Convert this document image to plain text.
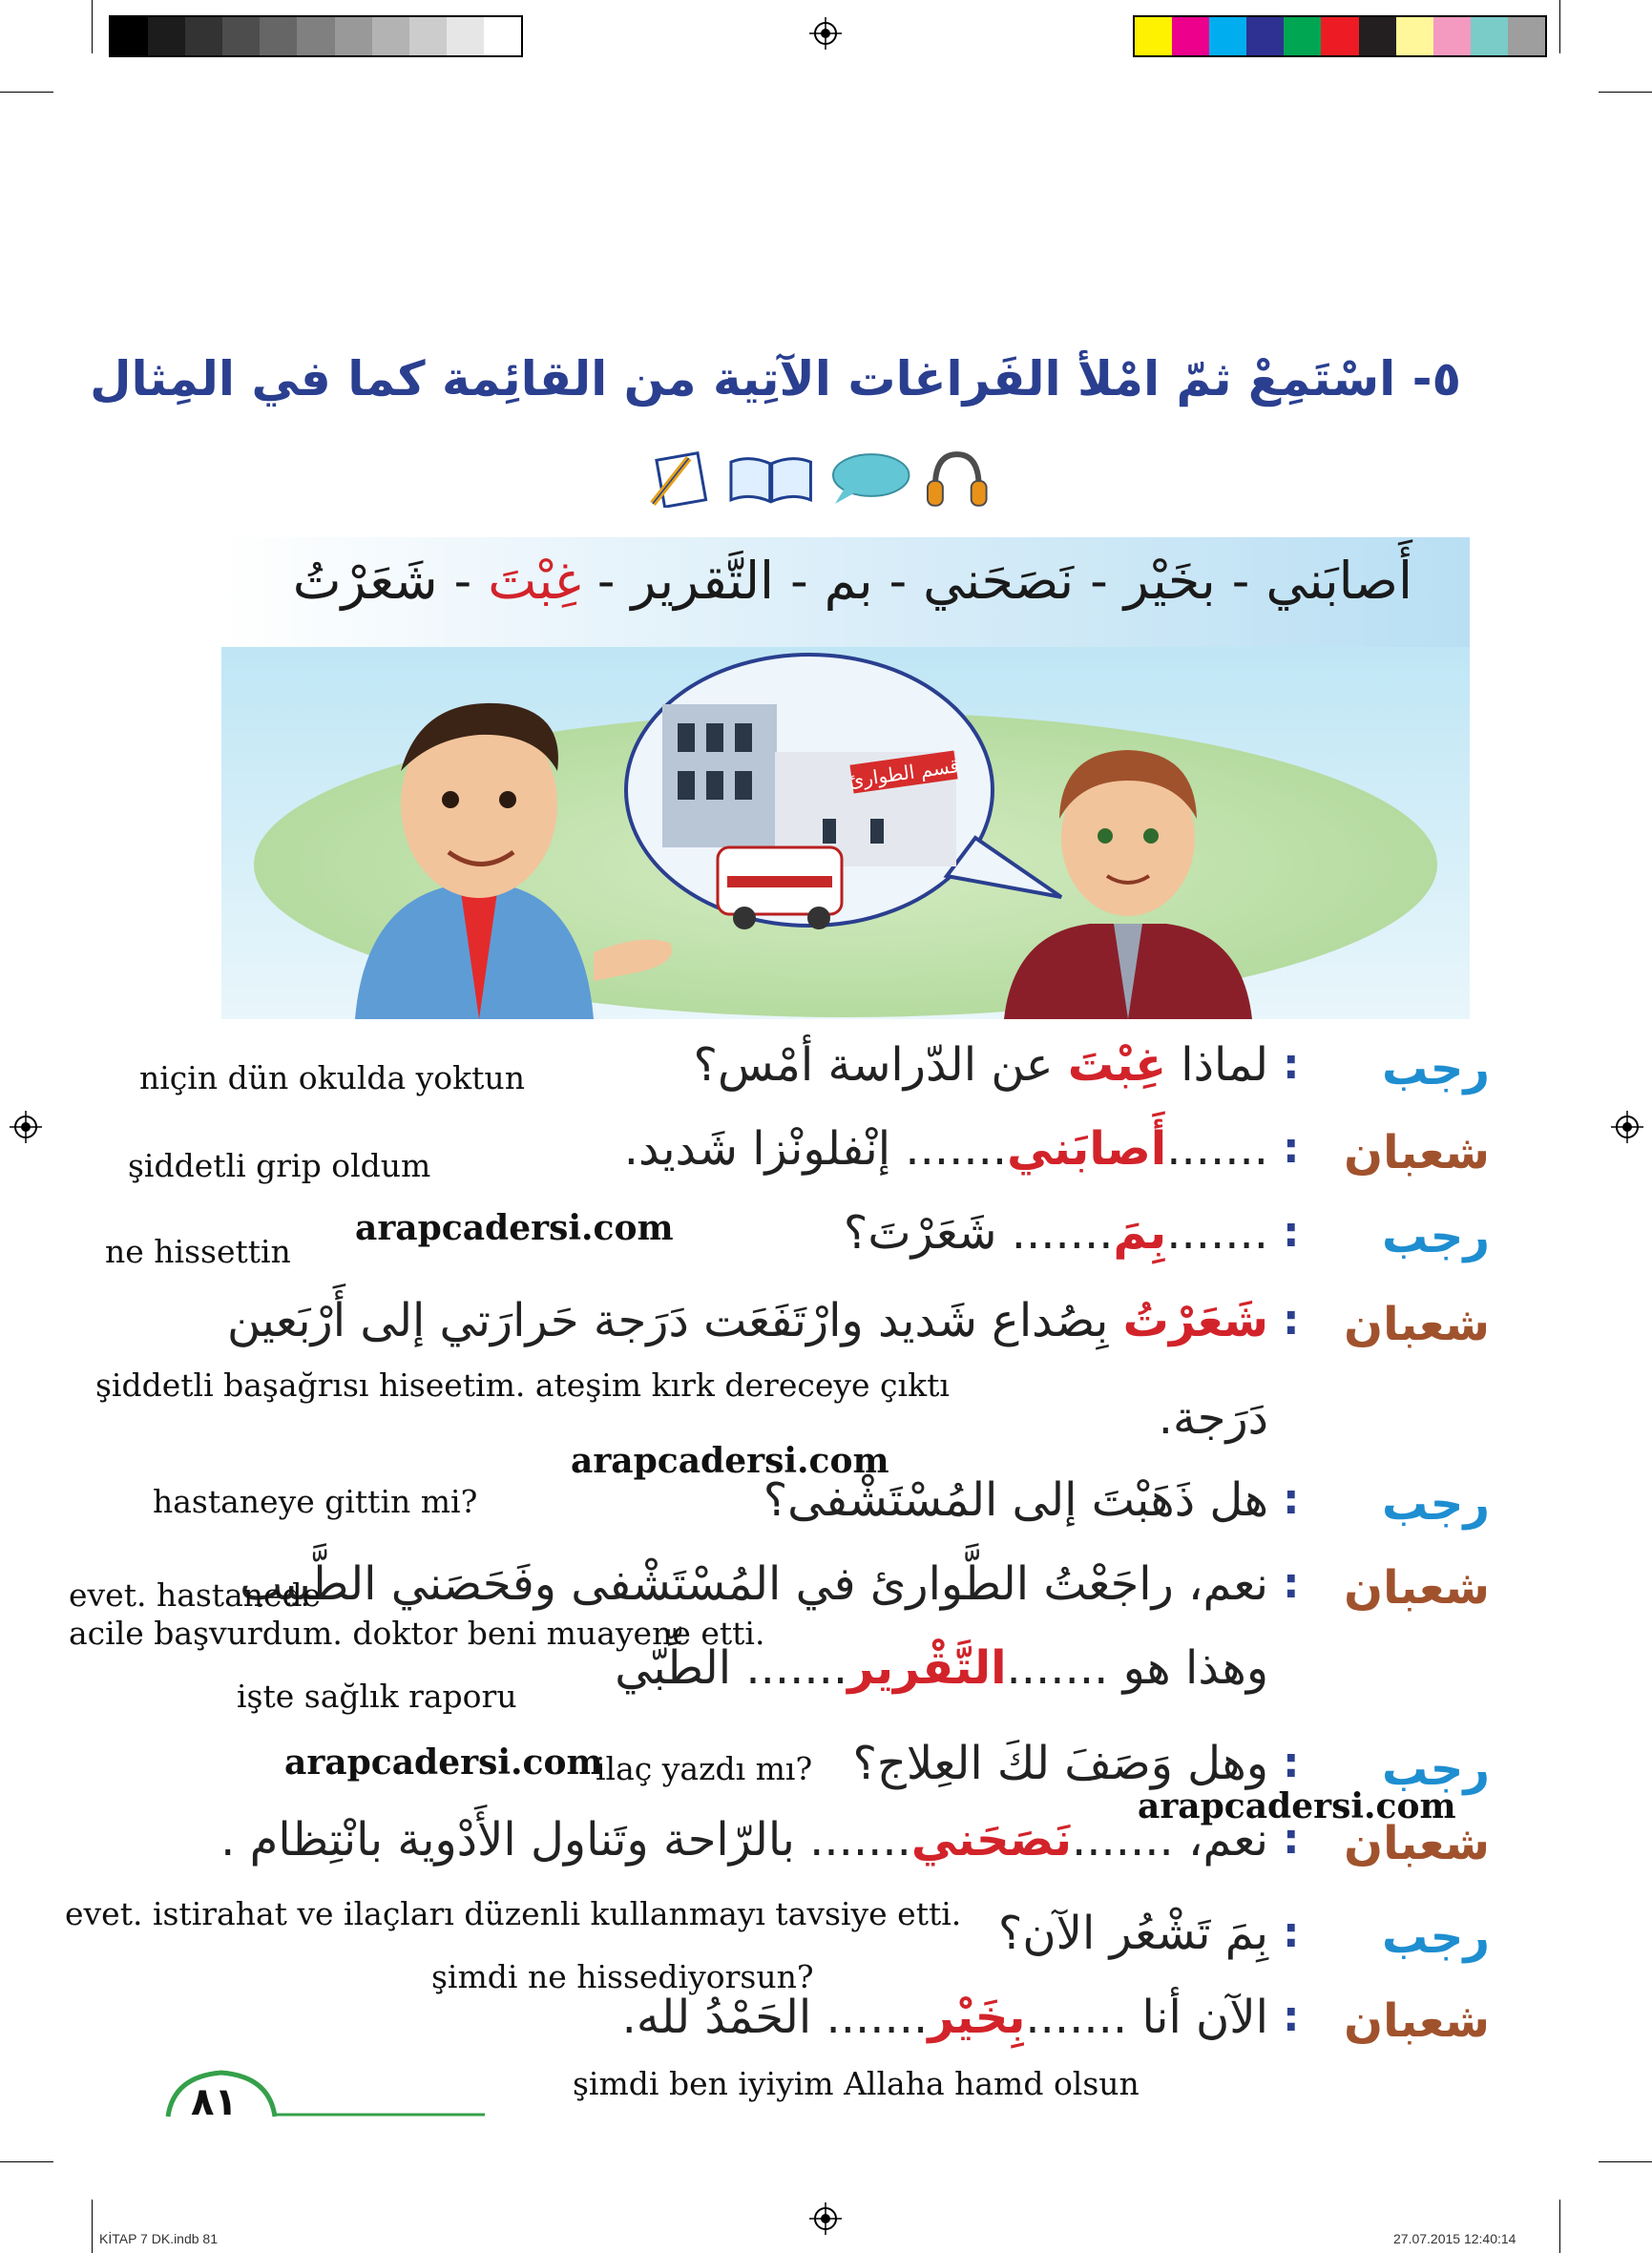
٥- اسْتَمِعْ ثمّ امْلأ الفَراغات الآتِية من القائِمة كما في المِثال
أَصابَني - بخَيْر - نَصَحَني - بم - التَّقرير - غِبْتَ - شَعَرْتُ
قسم الطوارئ
رجب
شعبان
رجب
شعبان
رجب
شعبان
رجب
شعبان
رجب
شعبان
:
:
:
:
:
:
:
:
:
:
لماذا غِبْتَ عن الدّراسة أمْس؟
.......أَصابَني....... إنْفلونْزا شَديد.
.......بِمَ....... شَعَرْتَ؟
شَعَرْتُ بِصُداع شَديد وارْتَفَعَت دَرَجة حَرارَتي إلى أَرْبَعين
دَرَجة.
هل ذَهَبْتَ إلى المُسْتَشْفى؟
نعم، راجَعْتُ الطَّوارئ في المُسْتَشْفى وفَحَصَني الطَّبيب
وهذا هو .......التَّقْرير....... الطِّبّي
وهل وَصَفَ لكَ العِلاج؟
نعم، .......نَصَحَني....... بالرّاحة وتَناول الأَدْوية بانْتِظام .
بِمَ تَشْعُر الآن؟
الآن أنا .......بِخَيْر....... الحَمْدُ لله.
niçin dün okulda yoktun
şiddetli grip oldum
ne hissettin
şiddetli başağrısı hiseetim. ateşim kırk dereceye çıktı
hastaneye gittin mi?
evet. hastanede
acile başvurdum. doktor beni muayene etti.
işte sağlık raporu
ilaç yazdı mı?
evet. istirahat ve ilaçları düzenli kullanmayı tavsiye etti.
şimdi ne hissediyorsun?
şimdi ben iyiyim Allaha hamd olsun
arapcadersi.com
arapcadersi.com
arapcadersi.com
arapcadersi.com
٨١
KİTAP 7 DK.indb 81	27.07.2015 12:40:14
